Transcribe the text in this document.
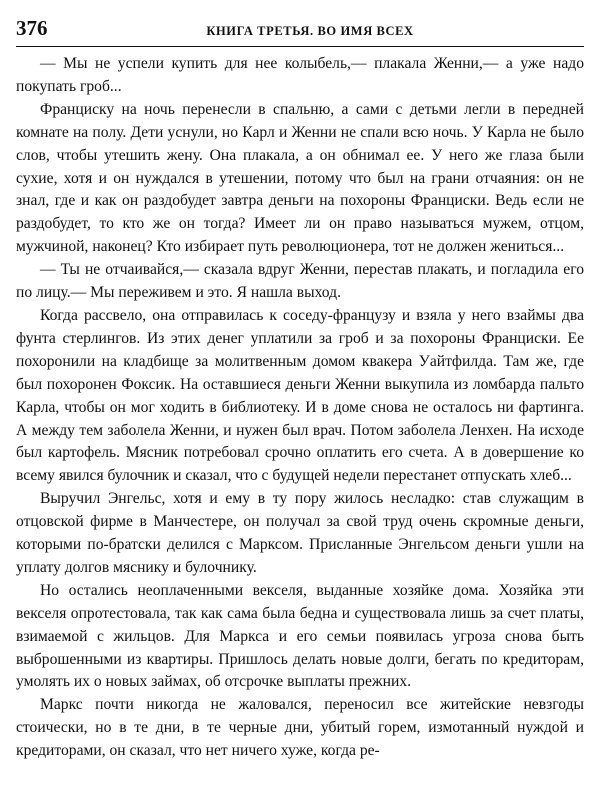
376	КНИГА ТРЕТЬЯ. ВО ИМЯ ВСЕХ

— Мы не успели купить для нее колыбель,— плакала Женни,— а уже надо покупать гроб...

Франциску на ночь перенесли в спальню, а сами с детьми легли в передней комнате на полу. Дети уснули, но Карл и Женни не спали всю ночь. У Карла не было слов, чтобы утешить жену. Она плакала, а он обнимал ее. У него же глаза были сухие, хотя и он нуждался в утешении, потому что был на грани отчаяния: он не знал, где и как он раздобудет завтра деньги на похороны Франциски. Ведь если не раздобудет, то кто же он тогда? Имеет ли он право называться мужем, отцом, мужчиной, наконец? Кто избирает путь революционера, тот не должен жениться...

— Ты не отчаивайся,— сказала вдруг Женни, перестав плакать, и погладила его по лицу.— Мы переживем и это. Я нашла выход.

Когда рассвело, она отправилась к соседу-французу и взяла у него взаймы два фунта стерлингов. Из этих денег уплатили за гроб и за похороны Франциски. Ее похоронили на кладбище за молитвенным домом квакера Уайтфилда. Там же, где был похоронен Фоксик. На оставшиеся деньги Женни выкупила из ломбарда пальто Карла, чтобы он мог ходить в библиотеку. И в доме снова не осталось ни фартинга. А между тем заболела Женни, и нужен был врач. Потом заболела Ленхен. На исходе был картофель. Мясник потребовал срочно оплатить его счета. А в довершение ко всему явился булочник и сказал, что с будущей недели перестанет отпускать хлеб...

Выручил Энгельс, хотя и ему в ту пору жилось несладко: став служащим в отцовской фирме в Манчестере, он получал за свой труд очень скромные деньги, которыми по-братски делился с Марксом. Присланные Энгельсом деньги ушли на уплату долгов мяснику и булочнику.

Но остались неоплаченными векселя, выданные хозяйке дома. Хозяйка эти векселя опротестовала, так как сама была бедна и существовала лишь за счет платы, взимаемой с жильцов. Для Маркса и его семьи появилась угроза снова быть выброшенными из квартиры. Пришлось делать новые долги, бегать по кредиторам, умолять их о новых займах, об отсрочке выплаты прежних.

Маркс почти никогда не жаловался, переносил все житейские невзгоды стоически, но в те дни, в те черные дни, убитый горем, измотанный нуждой и кредиторами, он сказал, что нет ничего хуже, когда ре-
